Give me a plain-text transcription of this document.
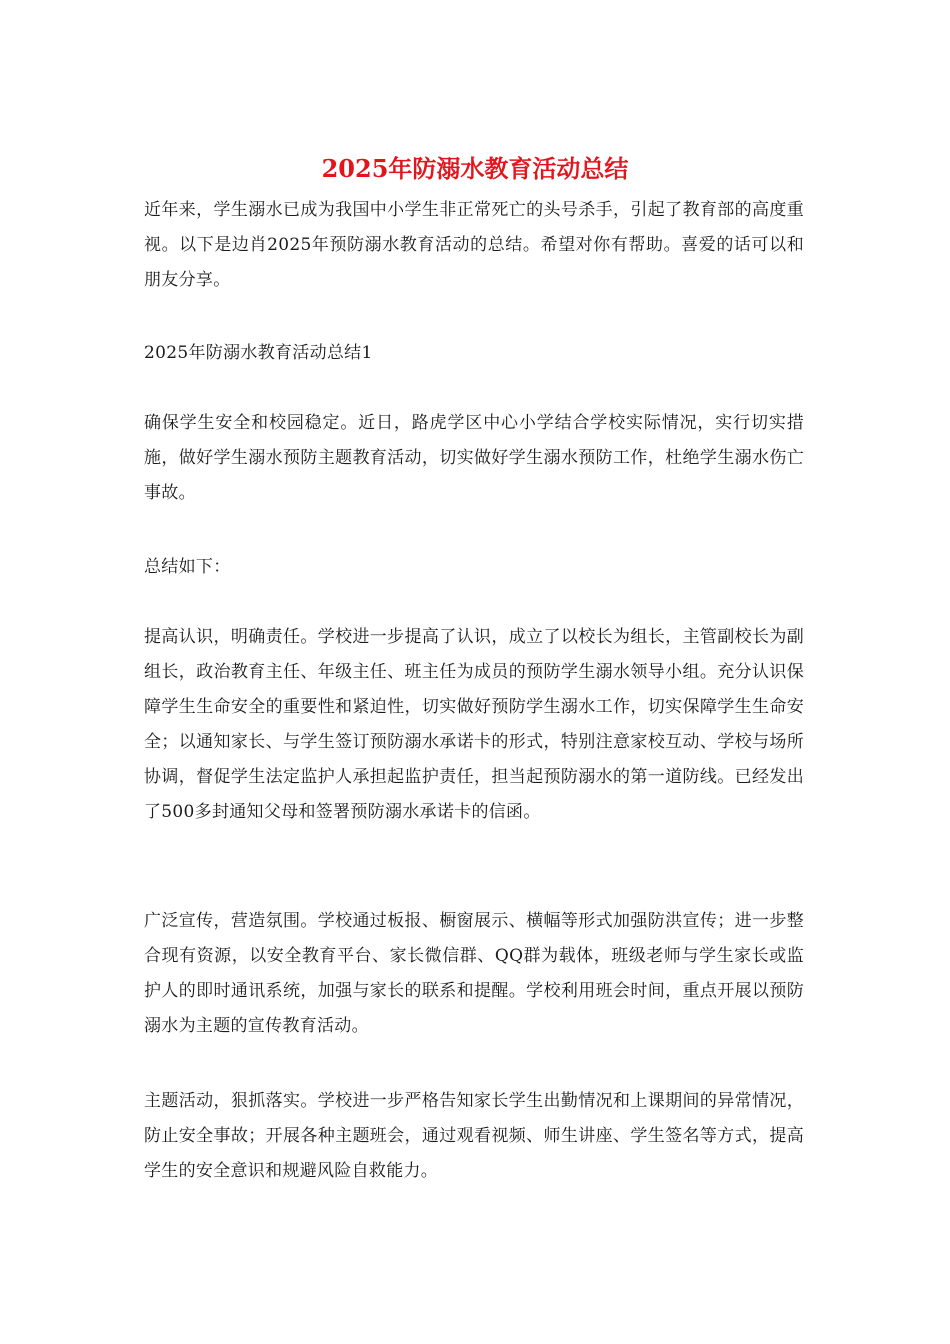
2025年防溺水教育活动总结

近年来，学生溺水已成为我国中小学生非正常死亡的头号杀手，引起了教育部的高度重视。以下是边肖2025年预防溺水教育活动的总结。希望对你有帮助。喜爱的话可以和朋友分享。

2025年防溺水教育活动总结1

确保学生安全和校园稳定。近日，路虎学区中心小学结合学校实际情况，实行切实措施，做好学生溺水预防主题教育活动，切实做好学生溺水预防工作，杜绝学生溺水伤亡事故。

总结如下：

提高认识，明确责任。学校进一步提高了认识，成立了以校长为组长，主管副校长为副组长，政治教育主任、年级主任、班主任为成员的预防学生溺水领导小组。充分认识保障学生生命安全的重要性和紧迫性，切实做好预防学生溺水工作，切实保障学生生命安全；以通知家长、与学生签订预防溺水承诺卡的形式，特别注意家校互动、学校与场所协调，督促学生法定监护人承担起监护责任，担当起预防溺水的第一道防线。已经发出了500多封通知父母和签署预防溺水承诺卡的信函。

广泛宣传，营造氛围。学校通过板报、橱窗展示、横幅等形式加强防洪宣传；进一步整合现有资源，以安全教育平台、家长微信群、QQ群为载体，班级老师与学生家长或监护人的即时通讯系统，加强与家长的联系和提醒。学校利用班会时间，重点开展以预防溺水为主题的宣传教育活动。

主题活动，狠抓落实。学校进一步严格告知家长学生出勤情况和上课期间的异常情况，防止安全事故；开展各种主题班会，通过观看视频、师生讲座、学生签名等方式，提高学生的安全意识和规避风险自救能力。
